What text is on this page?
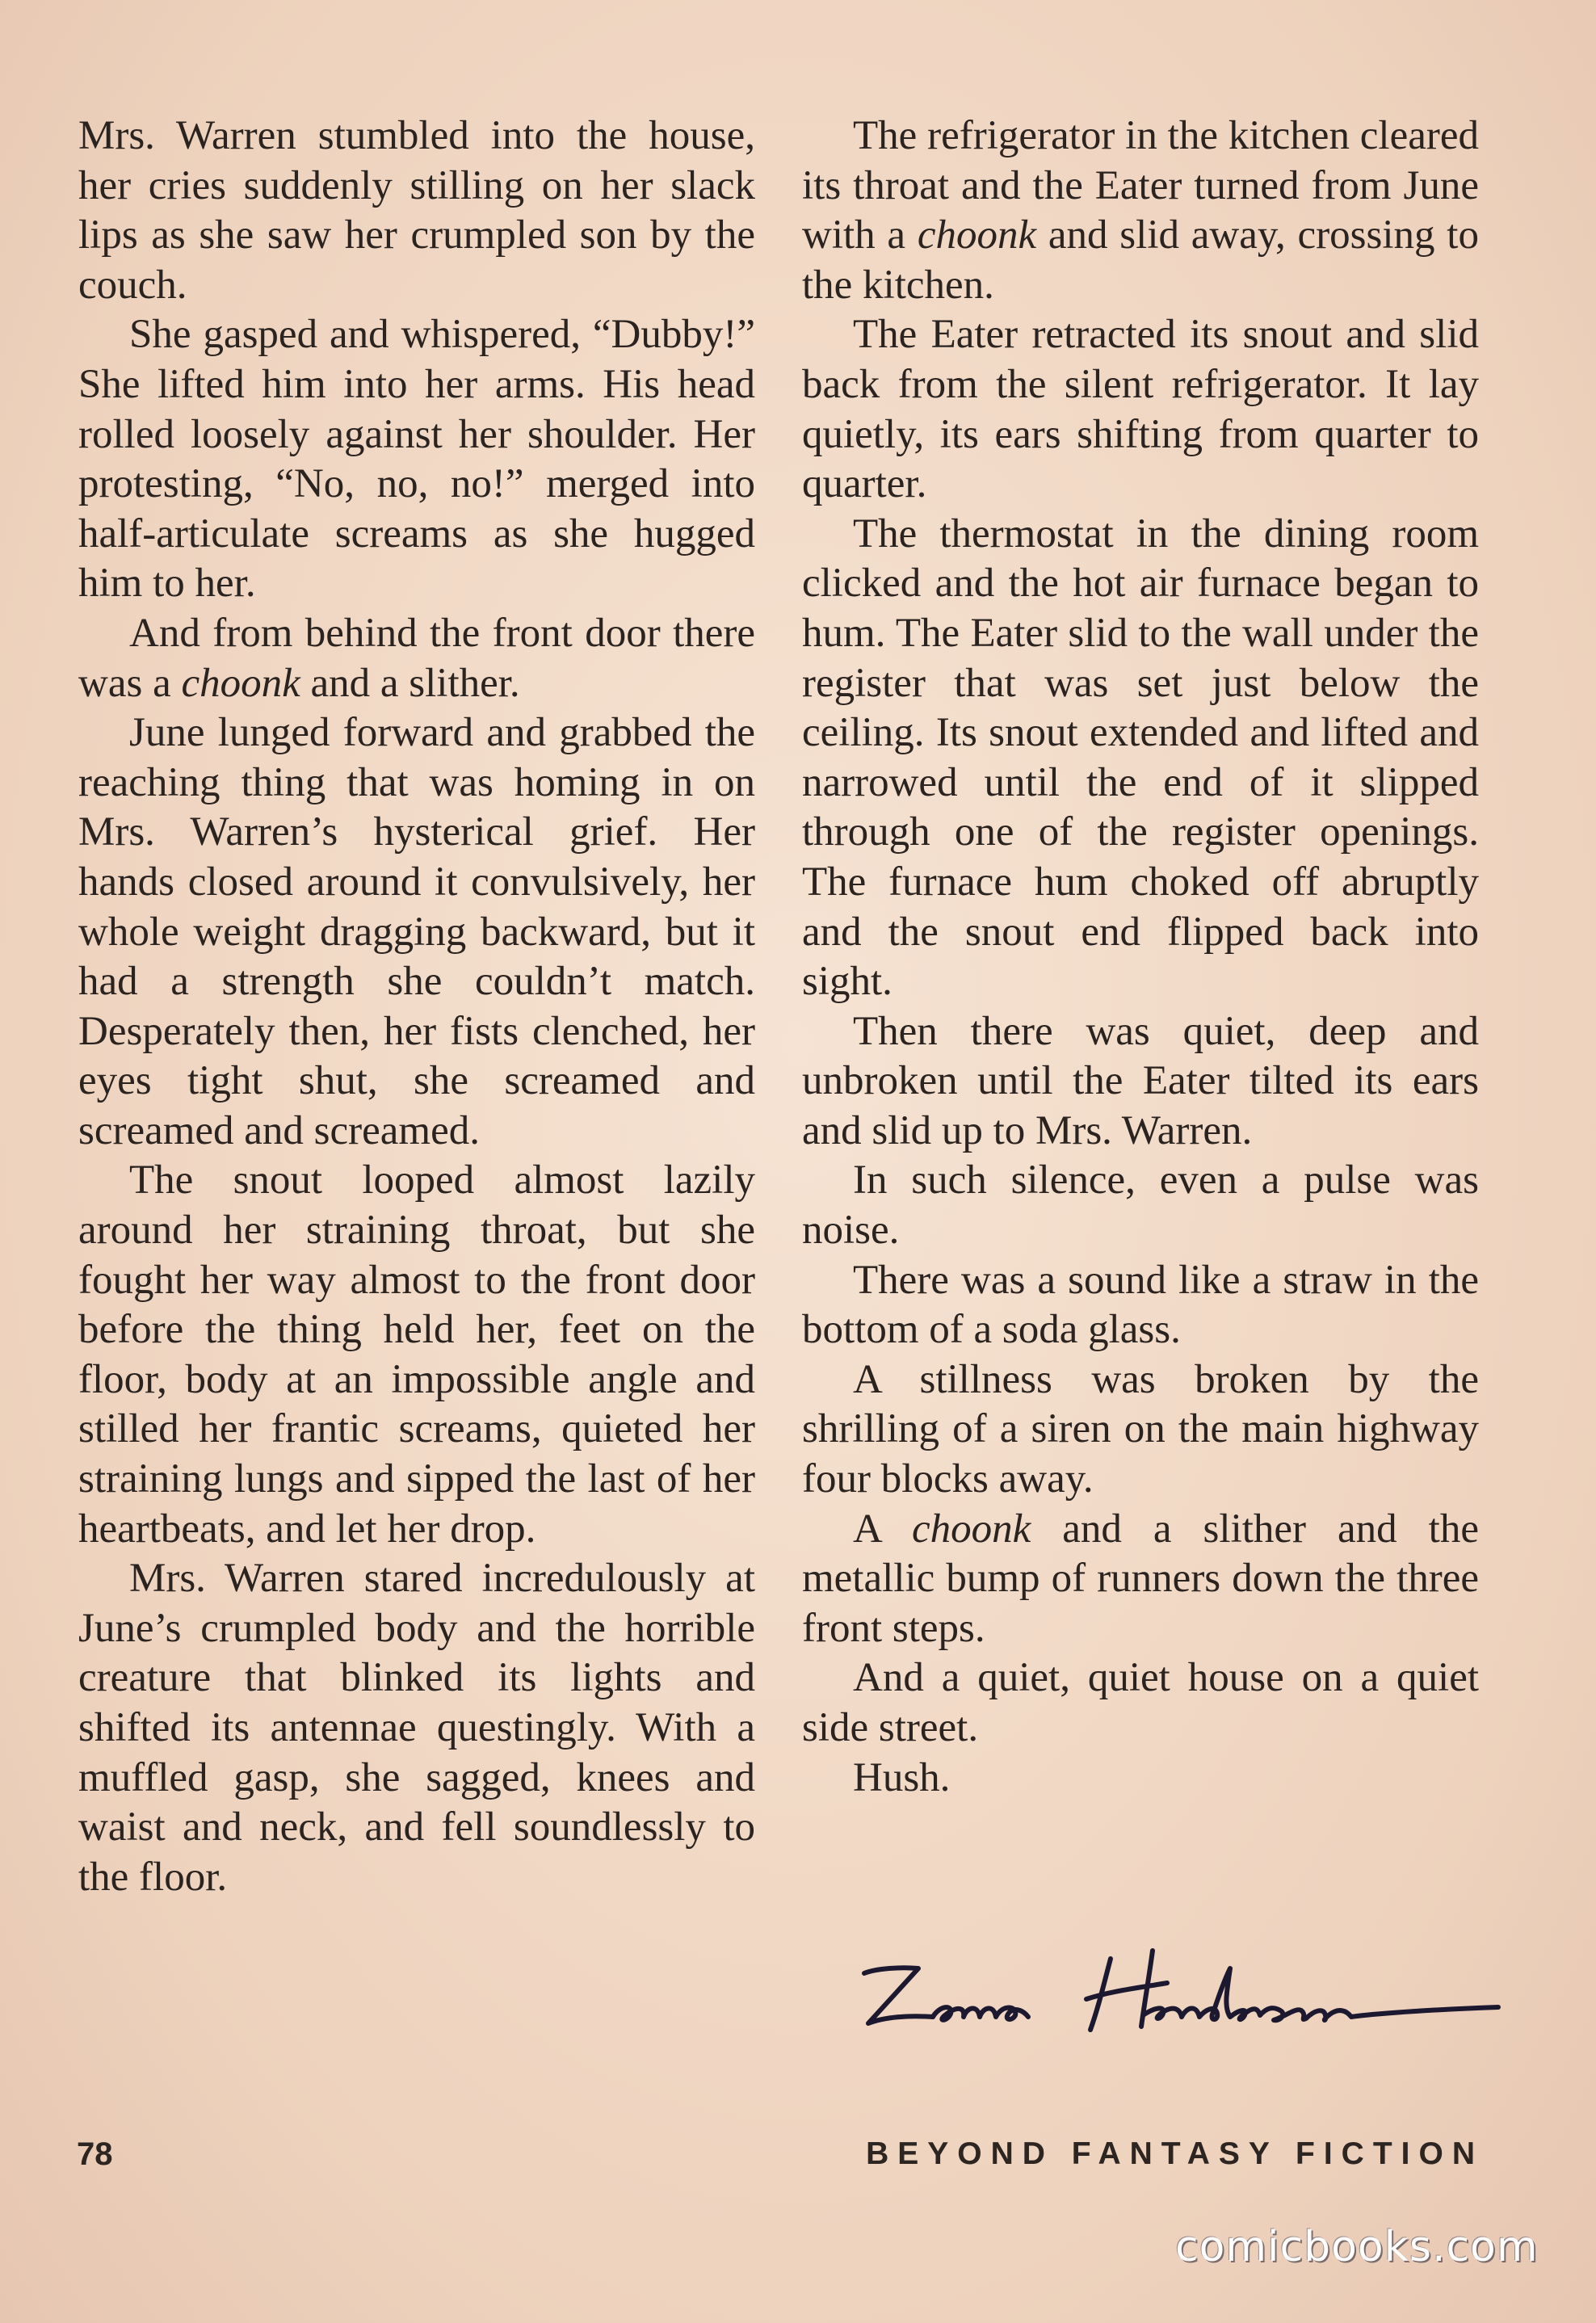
Mrs. Warren stumbled into the house, her cries suddenly stilling on her slack lips as she saw her crumpled son by the couch.

She gasped and whispered, “Dubby!” She lifted him into her arms. His head rolled loosely against her shoulder. Her protesting, “No, no, no!” merged into half-articulate screams as she hugged him to her.

And from behind the front door there was a choonk and a slither.

June lunged forward and grabbed the reaching thing that was homing in on Mrs. Warren’s hysterical grief. Her hands closed around it convulsively, her whole weight dragging backward, but it had a strength she couldn’t match. Desperately then, her fists clenched, her eyes tight shut, she screamed and screamed and screamed.

The snout looped almost lazily around her straining throat, but she fought her way almost to the front door before the thing held her, feet on the floor, body at an impossible angle and stilled her frantic screams, quieted her straining lungs and sipped the last of her heartbeats, and let her drop.

Mrs. Warren stared incredulously at June’s crumpled body and the horrible creature that blinked its lights and shifted its antennae questingly. With a muffled gasp, she sagged, knees and waist and neck, and fell soundlessly to the floor.

The refrigerator in the kitchen cleared its throat and the Eater turned from June with a choonk and slid away, crossing to the kitchen.

The Eater retracted its snout and slid back from the silent refrigerator. It lay quietly, its ears shifting from quarter to quarter.

The thermostat in the dining room clicked and the hot air furnace began to hum. The Eater slid to the wall under the register that was set just below the ceiling. Its snout extended and lifted and narrowed until the end of it slipped through one of the register openings. The furnace hum choked off abruptly and the snout end flipped back into sight.

Then there was quiet, deep and unbroken until the Eater tilted its ears and slid up to Mrs. Warren.

In such silence, even a pulse was noise.

There was a sound like a straw in the bottom of a soda glass.

A stillness was broken by the shrilling of a siren on the main highway four blocks away.

A choonk and a slither and the metallic bump of runners down the three front steps.

And a quiet, quiet house on a quiet side street.

Hush.

78	BEYOND FANTASY FICTION
comicbooks.com
